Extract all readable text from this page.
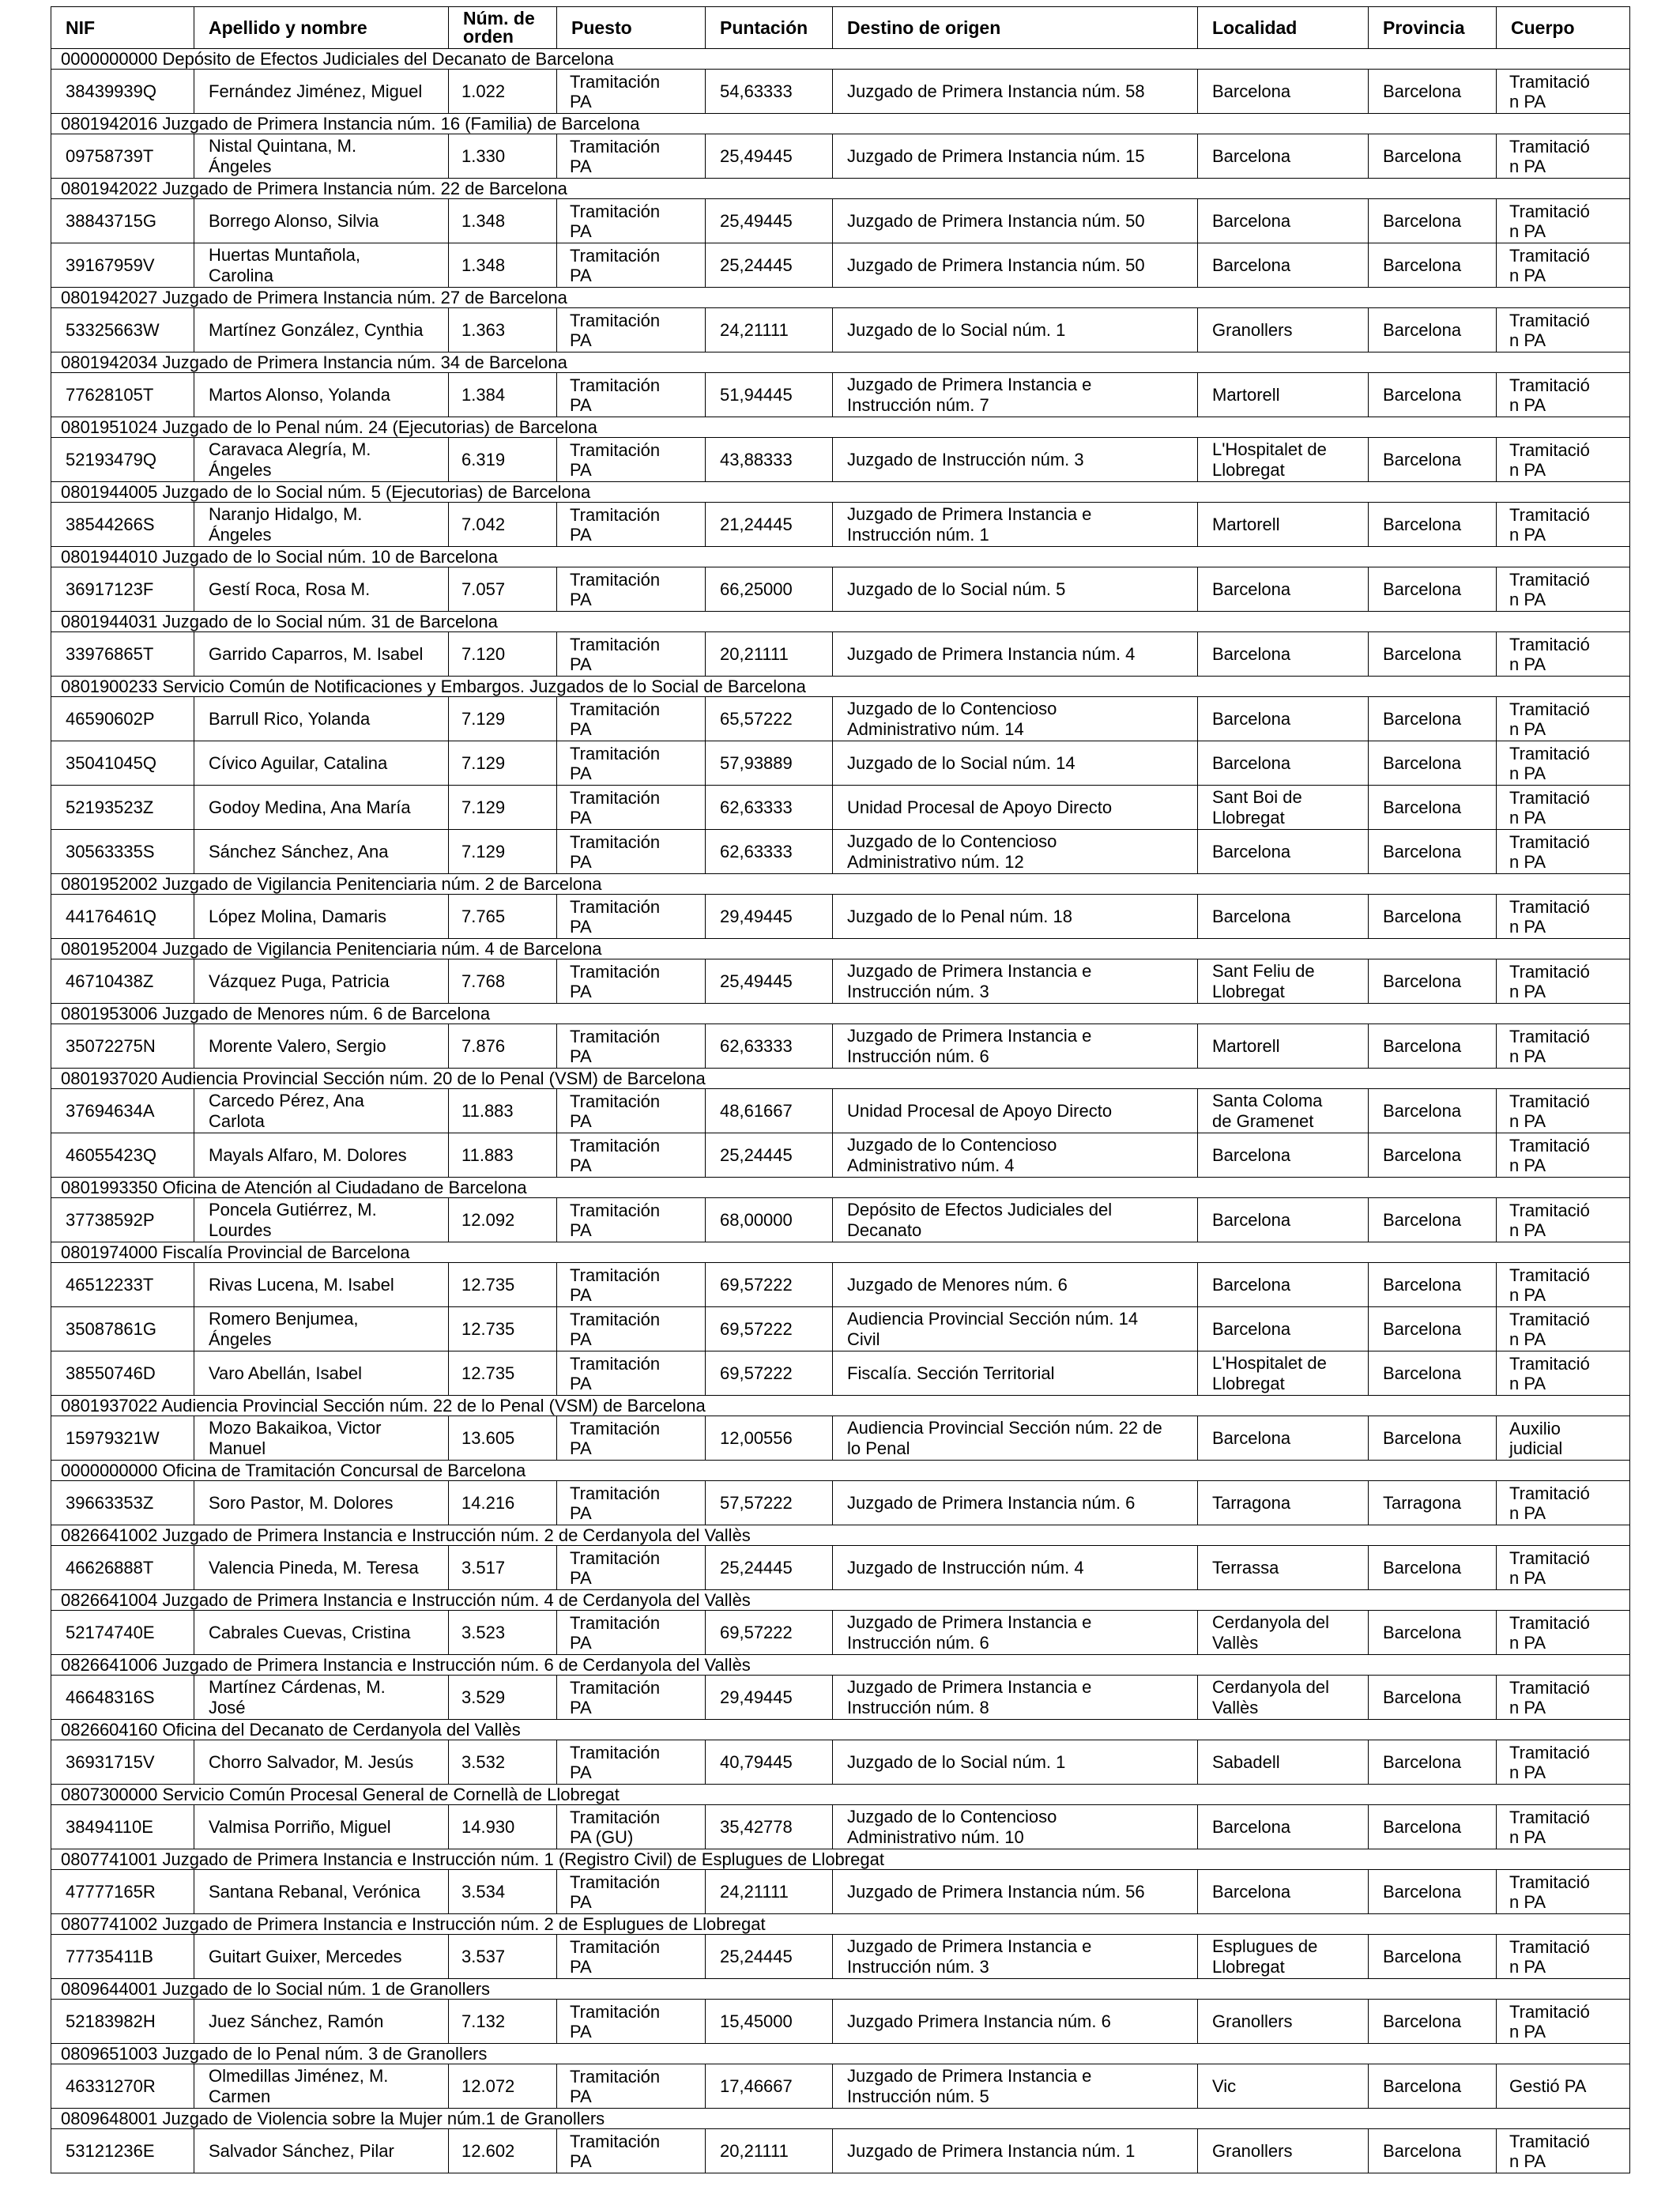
NIF	Apellido y nombre	Núm. de
orden	Puesto	Puntación	Destino de origen	Localidad	Provincia	Cuerpo
0000000000 Depósito de Efectos Judiciales del Decanato de Barcelona								
38439939Q	Fernández Jiménez, Miguel	1.022	Tramitación
PA	54,63333	Juzgado de Primera Instancia núm. 58	Barcelona	Barcelona	Tramitació
n PA
0801942016 Juzgado de Primera Instancia núm. 16 (Familia) de Barcelona								
09758739T	Nistal Quintana, M.
Ángeles	1.330	Tramitación
PA	25,49445	Juzgado de Primera Instancia núm. 15	Barcelona	Barcelona	Tramitació
n PA
0801942022 Juzgado de Primera Instancia núm. 22 de Barcelona								
38843715G	Borrego Alonso, Silvia	1.348	Tramitación
PA	25,49445	Juzgado de Primera Instancia núm. 50	Barcelona	Barcelona	Tramitació
n PA
39167959V	Huertas Muntañola,
Carolina	1.348	Tramitación
PA	25,24445	Juzgado de Primera Instancia núm. 50	Barcelona	Barcelona	Tramitació
n PA
0801942027 Juzgado de Primera Instancia núm. 27 de Barcelona								
53325663W	Martínez González, Cynthia	1.363	Tramitación
PA	24,21111	Juzgado de lo Social núm. 1	Granollers	Barcelona	Tramitació
n PA
0801942034 Juzgado de Primera Instancia núm. 34 de Barcelona								
77628105T	Martos Alonso, Yolanda	1.384	Tramitación
PA	51,94445	Juzgado de Primera Instancia e
Instrucción núm. 7	Martorell	Barcelona	Tramitació
n PA
0801951024 Juzgado de lo Penal núm. 24 (Ejecutorias) de Barcelona								
52193479Q	Caravaca Alegría, M.
Ángeles	6.319	Tramitación
PA	43,88333	Juzgado de Instrucción núm. 3	L'Hospitalet de
Llobregat	Barcelona	Tramitació
n PA
0801944005 Juzgado de lo Social núm. 5 (Ejecutorias) de Barcelona								
38544266S	Naranjo Hidalgo, M.
Ángeles	7.042	Tramitación
PA	21,24445	Juzgado de Primera Instancia e
Instrucción núm. 1	Martorell	Barcelona	Tramitació
n PA
0801944010 Juzgado de lo Social núm. 10 de Barcelona								
36917123F	Gestí Roca, Rosa M.	7.057	Tramitación
PA	66,25000	Juzgado de lo Social núm. 5	Barcelona	Barcelona	Tramitació
n PA
0801944031 Juzgado de lo Social núm. 31 de Barcelona								
33976865T	Garrido Caparros, M. Isabel	7.120	Tramitación
PA	20,21111	Juzgado de Primera Instancia núm. 4	Barcelona	Barcelona	Tramitació
n PA
0801900233 Servicio Común de Notificaciones y Embargos. Juzgados de lo Social de Barcelona								
46590602P	Barrull Rico, Yolanda	7.129	Tramitación
PA	65,57222	Juzgado de lo Contencioso
Administrativo núm. 14	Barcelona	Barcelona	Tramitació
n PA
35041045Q	Cívico Aguilar, Catalina	7.129	Tramitación
PA	57,93889	Juzgado de lo Social núm. 14	Barcelona	Barcelona	Tramitació
n PA
52193523Z	Godoy Medina, Ana María	7.129	Tramitación
PA	62,63333	Unidad Procesal de Apoyo Directo	Sant Boi de
Llobregat	Barcelona	Tramitació
n PA
30563335S	Sánchez Sánchez, Ana	7.129	Tramitación
PA	62,63333	Juzgado de lo Contencioso
Administrativo núm. 12	Barcelona	Barcelona	Tramitació
n PA
0801952002 Juzgado de Vigilancia Penitenciaria núm. 2 de Barcelona								
44176461Q	López Molina, Damaris	7.765	Tramitación
PA	29,49445	Juzgado de lo Penal núm. 18	Barcelona	Barcelona	Tramitació
n PA
0801952004 Juzgado de Vigilancia Penitenciaria núm. 4 de Barcelona								
46710438Z	Vázquez Puga, Patricia	7.768	Tramitación
PA	25,49445	Juzgado de Primera Instancia e
Instrucción núm. 3	Sant Feliu de
Llobregat	Barcelona	Tramitació
n PA
0801953006 Juzgado de Menores núm. 6 de Barcelona								
35072275N	Morente Valero, Sergio	7.876	Tramitación
PA	62,63333	Juzgado de Primera Instancia e
Instrucción núm. 6	Martorell	Barcelona	Tramitació
n PA
0801937020 Audiencia Provincial Sección núm. 20 de lo Penal (VSM) de Barcelona								
37694634A	Carcedo Pérez, Ana
Carlota	11.883	Tramitación
PA	48,61667	Unidad Procesal de Apoyo Directo	Santa Coloma
de Gramenet	Barcelona	Tramitació
n PA
46055423Q	Mayals Alfaro, M. Dolores	11.883	Tramitación
PA	25,24445	Juzgado de lo Contencioso
Administrativo núm. 4	Barcelona	Barcelona	Tramitació
n PA
0801993350 Oficina de Atención al Ciudadano de Barcelona								
37738592P	Poncela Gutiérrez, M.
Lourdes	12.092	Tramitación
PA	68,00000	Depósito de Efectos Judiciales del
Decanato	Barcelona	Barcelona	Tramitació
n PA
0801974000 Fiscalía Provincial de Barcelona								
46512233T	Rivas Lucena, M. Isabel	12.735	Tramitación
PA	69,57222	Juzgado de Menores núm. 6	Barcelona	Barcelona	Tramitació
n PA
35087861G	Romero Benjumea,
Ángeles	12.735	Tramitación
PA	69,57222	Audiencia Provincial Sección núm. 14
Civil	Barcelona	Barcelona	Tramitació
n PA
38550746D	Varo Abellán, Isabel	12.735	Tramitación
PA	69,57222	Fiscalía. Sección Territorial	L'Hospitalet de
Llobregat	Barcelona	Tramitació
n PA
0801937022 Audiencia Provincial Sección núm. 22 de lo Penal (VSM) de Barcelona								
15979321W	Mozo Bakaikoa, Victor
Manuel	13.605	Tramitación
PA	12,00556	Audiencia Provincial Sección núm. 22 de
lo Penal	Barcelona	Barcelona	Auxilio
judicial
0000000000 Oficina de Tramitación Concursal de Barcelona								
39663353Z	Soro Pastor, M. Dolores	14.216	Tramitación
PA	57,57222	Juzgado de Primera Instancia núm. 6	Tarragona	Tarragona	Tramitació
n PA
0826641002 Juzgado de Primera Instancia e Instrucción núm. 2 de Cerdanyola del Vallès								
46626888T	Valencia Pineda, M. Teresa	3.517	Tramitación
PA	25,24445	Juzgado de Instrucción núm. 4	Terrassa	Barcelona	Tramitació
n PA
0826641004 Juzgado de Primera Instancia e Instrucción núm. 4 de Cerdanyola del Vallès								
52174740E	Cabrales Cuevas, Cristina	3.523	Tramitación
PA	69,57222	Juzgado de Primera Instancia e
Instrucción núm. 6	Cerdanyola del
Vallès	Barcelona	Tramitació
n PA
0826641006 Juzgado de Primera Instancia e Instrucción núm. 6 de Cerdanyola del Vallès								
46648316S	Martínez Cárdenas, M.
José	3.529	Tramitación
PA	29,49445	Juzgado de Primera Instancia e
Instrucción núm. 8	Cerdanyola del
Vallès	Barcelona	Tramitació
n PA
0826604160 Oficina del Decanato de Cerdanyola del Vallès								
36931715V	Chorro Salvador, M. Jesús	3.532	Tramitación
PA	40,79445	Juzgado de lo Social núm. 1	Sabadell	Barcelona	Tramitació
n PA
0807300000 Servicio Común Procesal General de Cornellà de Llobregat								
38494110E	Valmisa Porriño, Miguel	14.930	Tramitación
PA (GU)	35,42778	Juzgado de lo Contencioso
Administrativo núm. 10	Barcelona	Barcelona	Tramitació
n PA
0807741001 Juzgado de Primera Instancia e Instrucción núm. 1 (Registro Civil) de Esplugues de Llobregat								
47777165R	Santana Rebanal, Verónica	3.534	Tramitación
PA	24,21111	Juzgado de Primera Instancia núm. 56	Barcelona	Barcelona	Tramitació
n PA
0807741002 Juzgado de Primera Instancia e Instrucción núm. 2 de Esplugues de Llobregat								
77735411B	Guitart Guixer, Mercedes	3.537	Tramitación
PA	25,24445	Juzgado de Primera Instancia e
Instrucción núm. 3	Esplugues de
Llobregat	Barcelona	Tramitació
n PA
0809644001 Juzgado de lo Social núm. 1 de Granollers								
52183982H	Juez Sánchez, Ramón	7.132	Tramitación
PA	15,45000	Juzgado Primera Instancia núm. 6	Granollers	Barcelona	Tramitació
n PA
0809651003 Juzgado de lo Penal núm. 3 de Granollers								
46331270R	Olmedillas Jiménez, M.
Carmen	12.072	Tramitación
PA	17,46667	Juzgado de Primera Instancia e
Instrucción núm. 5	Vic	Barcelona	Gestió PA
0809648001 Juzgado de Violencia sobre la Mujer núm.1 de Granollers								
53121236E	Salvador Sánchez, Pilar	12.602	Tramitación
PA	20,21111	Juzgado de Primera Instancia núm. 1	Granollers	Barcelona	Tramitació
n PA
